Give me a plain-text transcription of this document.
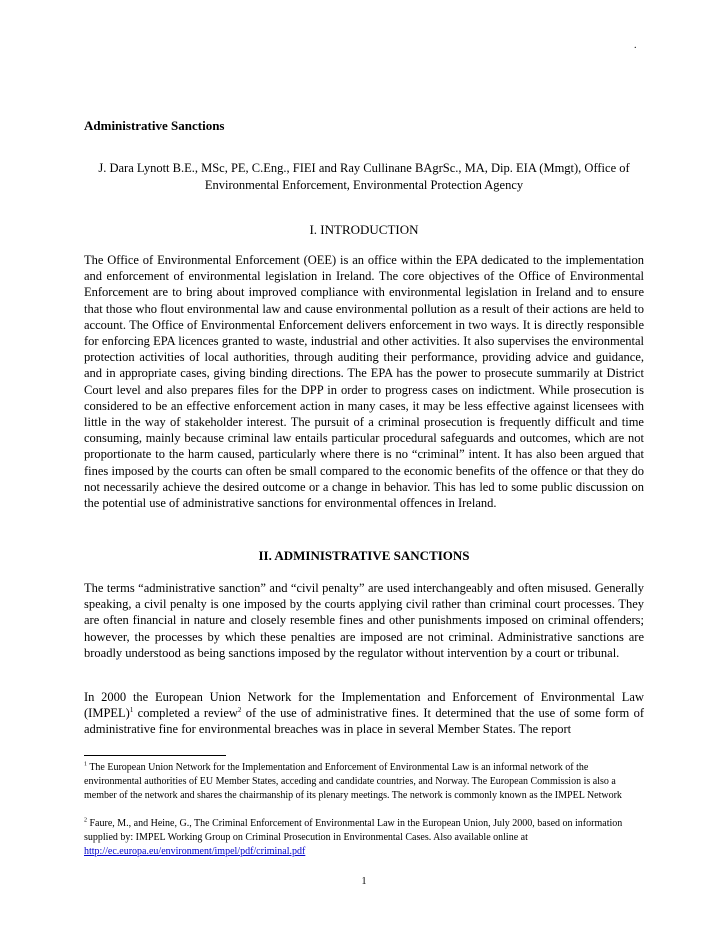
.
Administrative Sanctions
J. Dara Lynott B.E., MSc, PE, C.Eng., FIEI and Ray Cullinane BAgrSc., MA, Dip. EIA (Mmgt), Office of Environmental Enforcement, Environmental Protection Agency
I. INTRODUCTION
The Office of Environmental Enforcement (OEE) is an office within the EPA dedicated to the implementation and enforcement of environmental legislation in Ireland. The core objectives of the Office of Environmental Enforcement are to bring about improved compliance with environmental legislation in Ireland and to ensure that those who flout environmental law and cause environmental pollution as a result of their actions are held to account. The Office of Environmental Enforcement delivers enforcement in two ways. It is directly responsible for enforcing EPA licences granted to waste, industrial and other activities. It also supervises the environmental protection activities of local authorities, through auditing their performance, providing advice and guidance, and in appropriate cases, giving binding directions. The EPA has the power to prosecute summarily at District Court level and also prepares files for the DPP in order to progress cases on indictment. While prosecution is considered to be an effective enforcement action in many cases, it may be less effective against licensees with little in the way of stakeholder interest. The pursuit of a criminal prosecution is frequently difficult and time consuming, mainly because criminal law entails particular procedural safeguards and outcomes, which are not proportionate to the harm caused, particularly where there is no “criminal” intent. It has also been argued that fines imposed by the courts can often be small compared to the economic benefits of the offence or that they do not necessarily achieve the desired outcome or a change in behavior. This has led to some public discussion on the potential use of administrative sanctions for environmental offences in Ireland.
II. ADMINISTRATIVE SANCTIONS
The terms “administrative sanction” and “civil penalty” are used interchangeably and often misused. Generally speaking, a civil penalty is one imposed by the courts applying civil rather than criminal court processes. They are often financial in nature and closely resemble fines and other punishments imposed on criminal offenders; however, the processes by which these penalties are imposed are not criminal. Administrative sanctions are broadly understood as being sanctions imposed by the regulator without intervention by a court or tribunal.
In 2000 the European Union Network for the Implementation and Enforcement of Environmental Law (IMPEL)$^1$ completed a review$^2$ of the use of administrative fines. It determined that the use of some form of administrative fine for environmental breaches was in place in several Member States. The report
$^1$ The European Union Network for the Implementation and Enforcement of Environmental Law is an informal network of the environmental authorities of EU Member States, acceding and candidate countries, and Norway. The European Commission is also a member of the network and shares the chairmanship of its plenary meetings. The network is commonly known as the IMPEL Network
$^2$ Faure, M., and Heine, G., The Criminal Enforcement of Environmental Law in the European Union, July 2000, based on information supplied by: IMPEL Working Group on Criminal Prosecution in Environmental Cases. Also available online at http://ec.europa.eu/environment/impel/pdf/criminal.pdf
1
